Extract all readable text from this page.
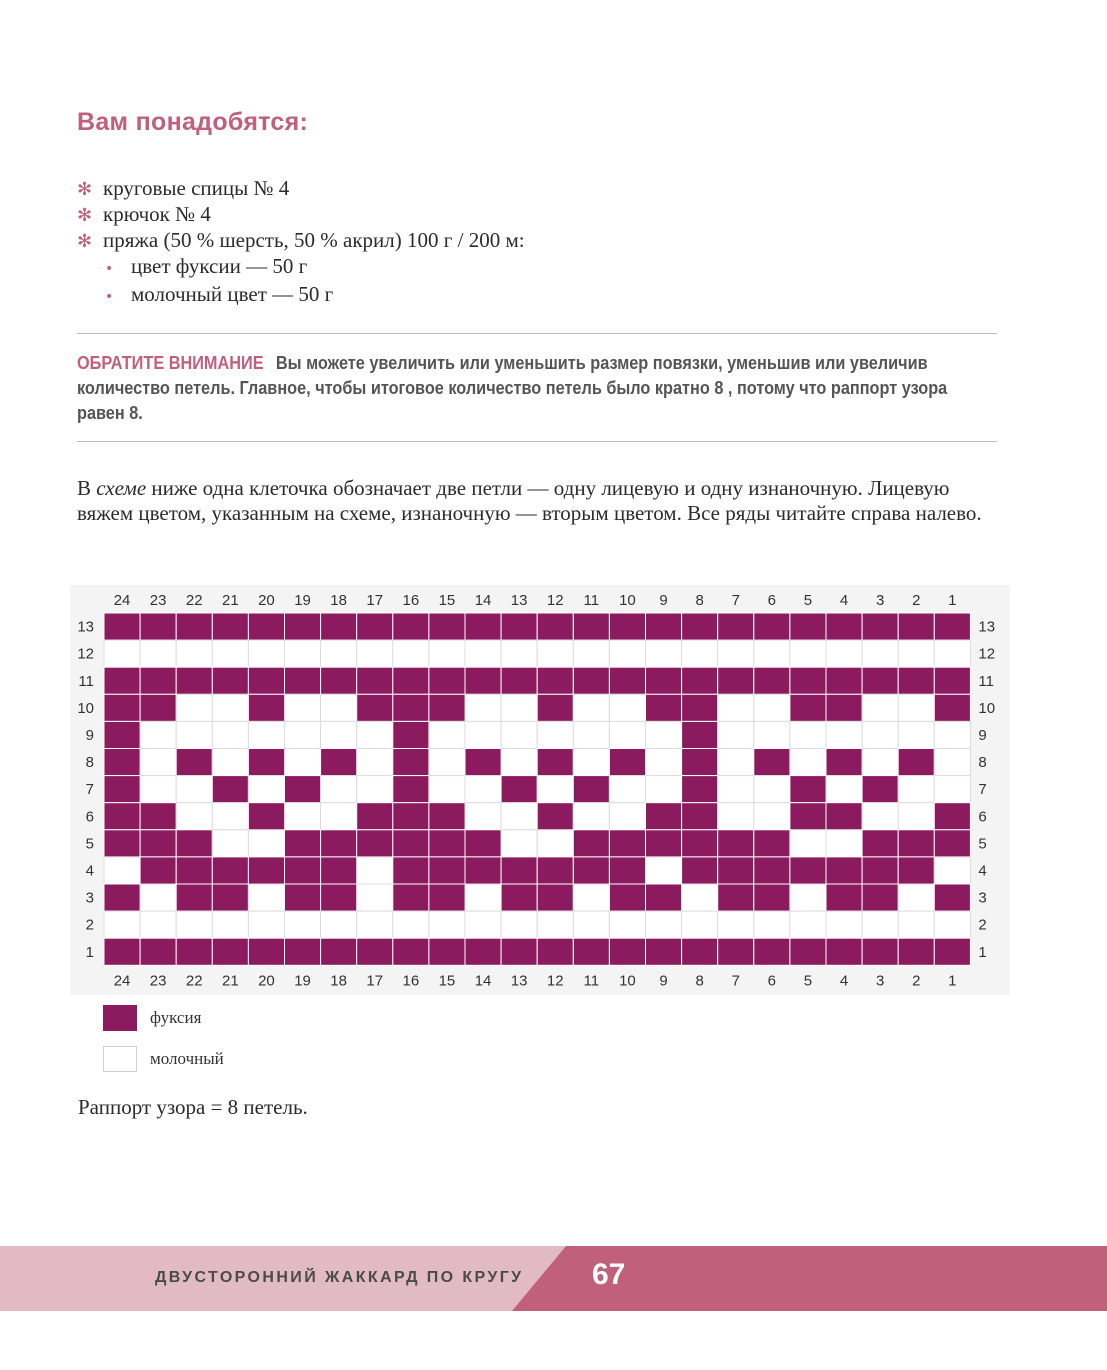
Вам понадобятся:
✻ круговые спицы № 4
✻ крючок № 4
✻ пряжа (50 % шерсть, 50 % акрил) 100 г / 200 м:
• цвет фуксии — 50 г
• молочный цвет — 50 г
ОБРАТИТЕ ВНИМАНИЕ Вы можете увеличить или уменьшить размер повязки, уменьшив или увеличив количество петель. Главное, чтобы итоговое количество петель было кратно 8 , потому что раппорт узора равен 8.
В схеме ниже одна клеточка обозначает две петли — одну лицевую и одну изнаночную. Лицевую вяжем цветом, указанным на схеме, изнаночную — вторым цветом. Все ряды читайте справа налево.
13	13
12	12
11	11
10	10
9	9
8	8
7	7
6	6
5	5
4	4
3	3
2	2
1	1
24
24
23
23
22
22
21
21
20
20
19
19
18
18
17
17
16
16
15
15
14
14
13
13
12
12
11
11
10
10
9
9
8
8
7
7
6
6
5
5
4
4
3
3
2
2
1
1
фуксия
молочный
Раппорт узора = 8 петель.
ДВУСТОРОННИЙ ЖАККАРД ПО КРУГУ 67
